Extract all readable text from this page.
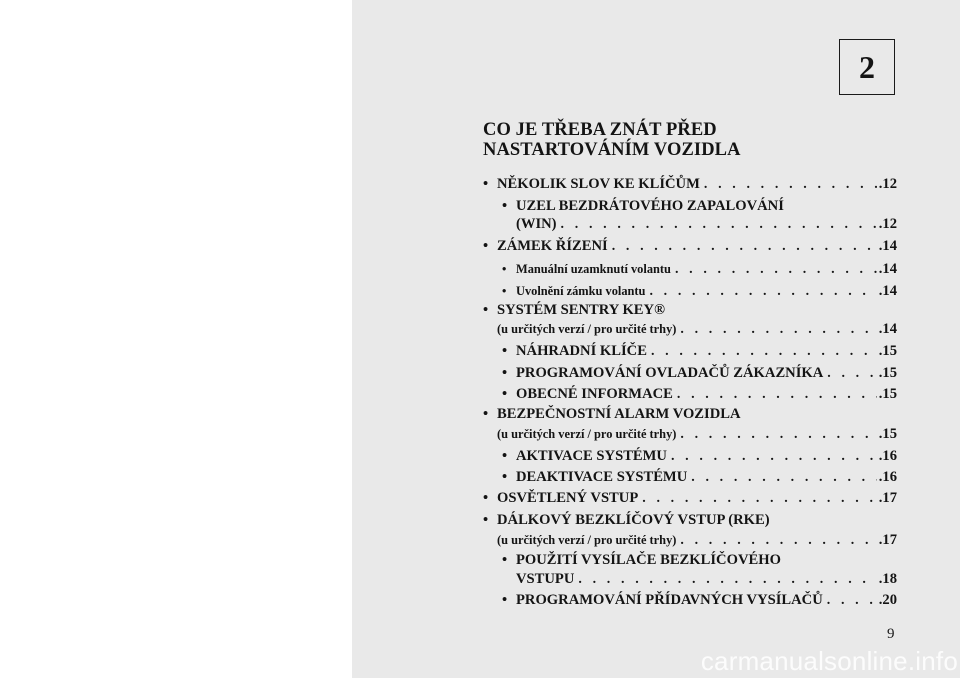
2
CO JE TŘEBA ZNÁT PŘED
NASTARTOVÁNÍM VOZIDLA
• NĚKOLIK SLOV KE KLÍČŮM . . .	.12
• UZEL BEZDRÁTOVÉHO ZAPALOVÁNÍ
(WIN) . . .	.12
• ZÁMEK ŘÍZENÍ . . .	.14
• Manuální uzamknutí volantu . . .	.14
• Uvolnění zámku volantu . . .	.14
• SYSTÉM SENTRY KEY®
(u určitých verzí / pro určité trhy) . . .	.14
• NÁHRADNÍ KLÍČE . . .	.15
• PROGRAMOVÁNÍ OVLADAČŮ ZÁKAZNÍKA . . .	.15
• OBECNÉ INFORMACE . . .	.15
• BEZPEČNOSTNÍ ALARM VOZIDLA
(u určitých verzí / pro určité trhy) . . .	.15
• AKTIVACE SYSTÉMU . . .	.16
• DEAKTIVACE SYSTÉMU . . .	.16
• OSVĚTLENÝ VSTUP . . .	.17
• DÁLKOVÝ BEZKLÍČOVÝ VSTUP (RKE)
(u určitých verzí / pro určité trhy) . . .	.17
• POUŽITÍ VYSÍLAČE BEZKLÍČOVÉHO
VSTUPU . . .	.18
• PROGRAMOVÁNÍ PŘÍDAVNÝCH VYSÍLAČŮ . . .	.20
9
carmanualsonline.info
